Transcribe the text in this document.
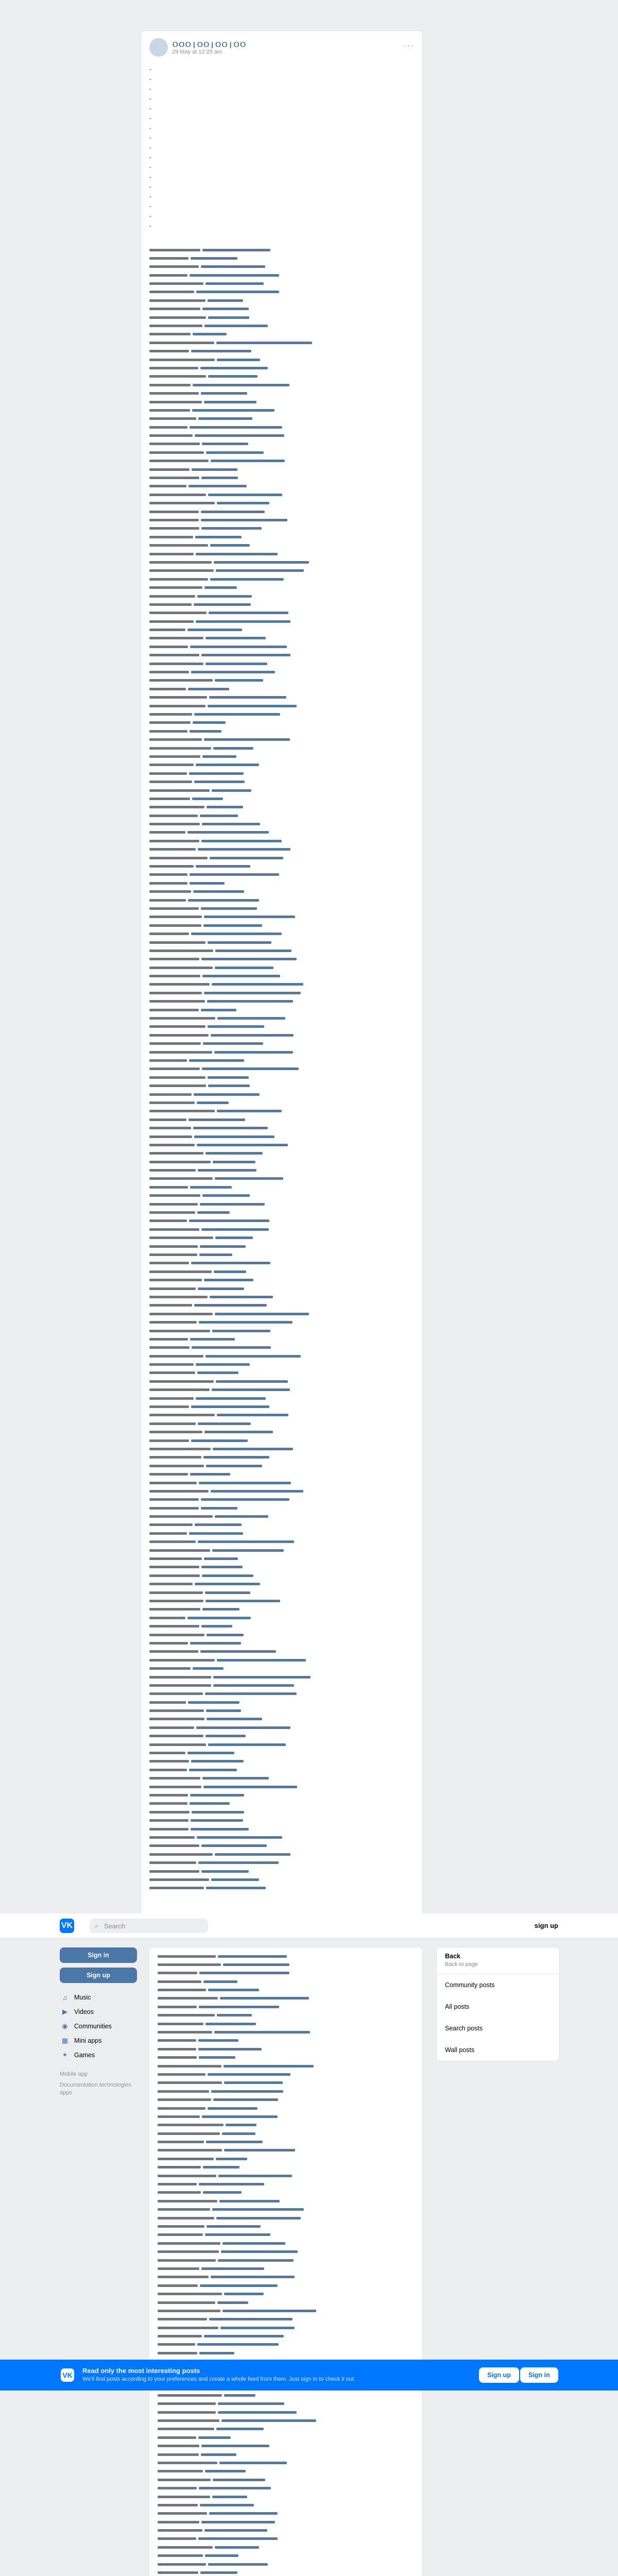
ＯＯＯ | ＯＯ | ＯＯ | ＯＯ
29 May at 12:25 am
···
-
-
-
-
-
-
-
-
-
-
-
-
-
-
-
-
-
VK	⌕
Search	sign up
Sign in
Sign up
♫	Music
▶	Videos
◉ Communities
▦ Mini apps
✦	Games
Mobile app
Documentation technologies apps
Back
Back to page
Community posts
All posts
Search posts
Wall posts
VK
Read only the most interesting posts
We'll find posts according to your preferences and create a whole feed from them. Just sign in to check it out.
Sign up	Sign in
